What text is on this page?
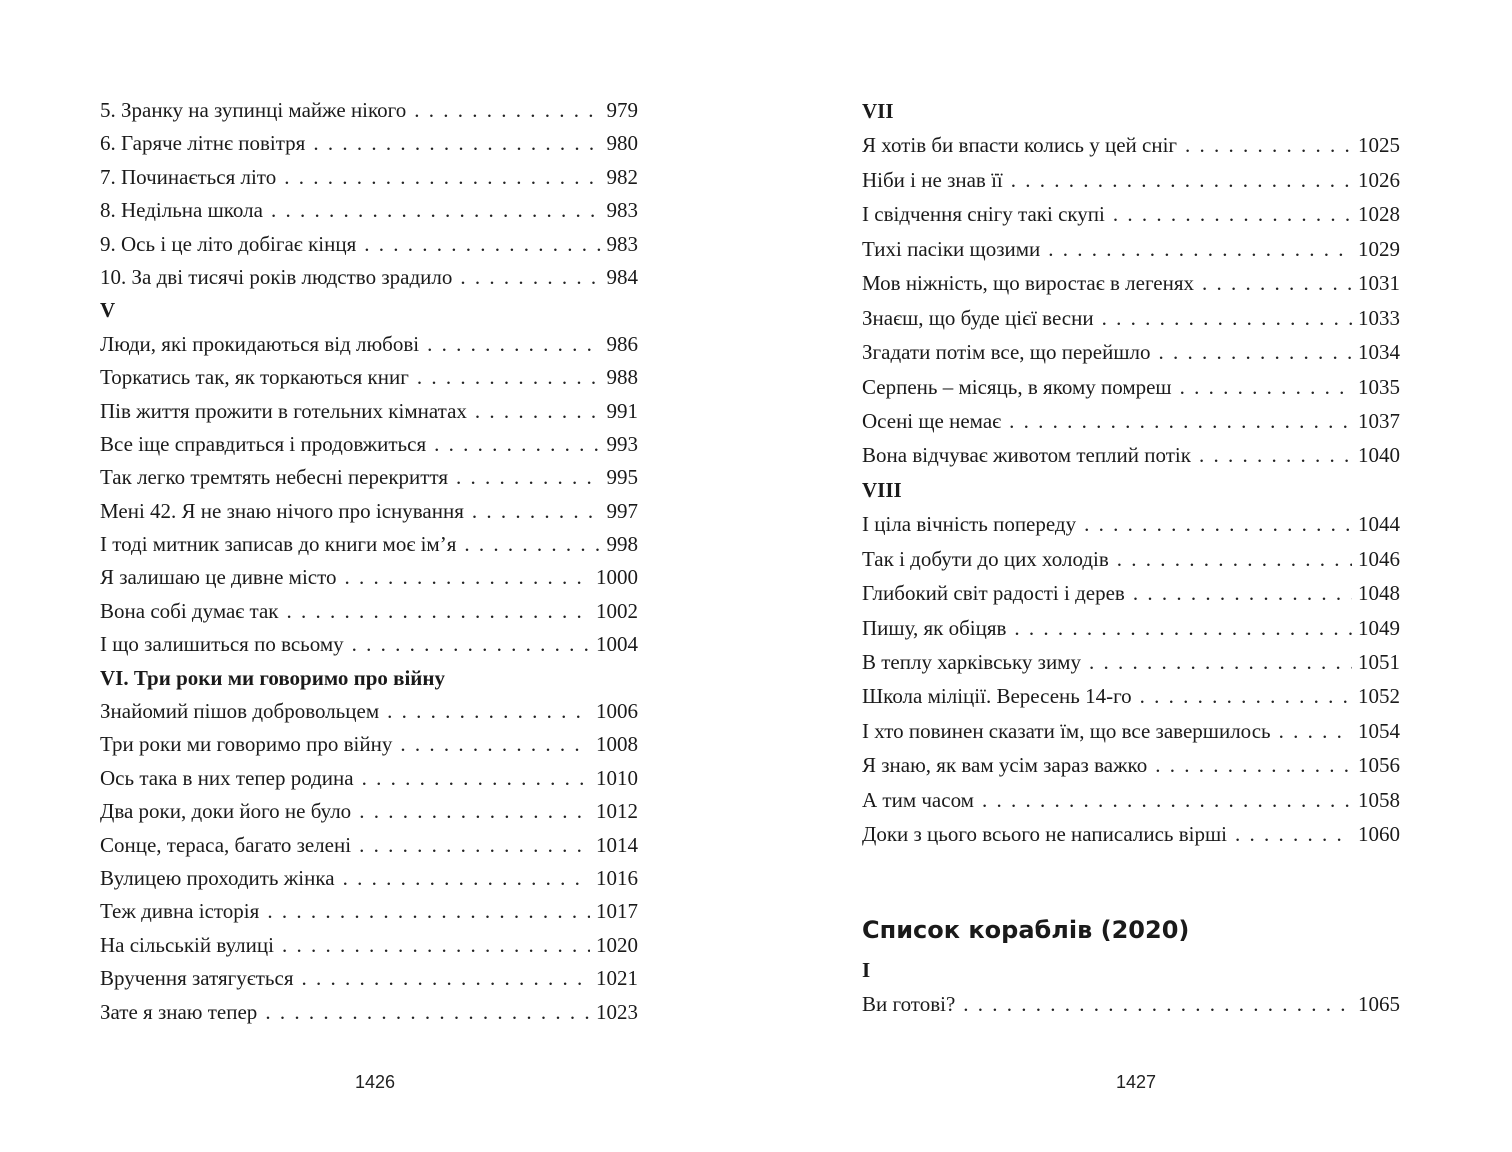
5. Зранку на зупинці майже нікого . . .	979
6. Гаряче літнє повітря . . .	980
7. Починається літо . . .	982
8. Недільна школа . . .	983
9. Ось і це літо добігає кінця . . .	983
10. За дві тисячі років людство зрадило . . .	984
V
Люди, які прокидаються від любові . . .	986
Торкатись так, як торкаються книг . . .	988
Пів життя прожити в готельних кімнатах . . .	991
Все іще справдиться і продовжиться . . .	993
Так легко тремтять небесні перекриття . . .	995
Мені 42. Я не знаю нічого про існування . . .	997
І тоді митник записав до книги моє ім’я . . .	998
Я залишаю це дивне місто . . .	1000
Вона собі думає так . . .	1002
І що залишиться по всьому . . .	1004
VI. Три роки ми говоримо про війну
Знайомий пішов добровольцем . . .	1006
Три роки ми говоримо про війну . . .	1008
Ось така в них тепер родина . . .	1010
Два роки, доки його не було . . .	1012
Сонце, тераса, багато зелені . . .	1014
Вулицею проходить жінка . . .	1016
Теж дивна історія . . .	1017
На сільській вулиці . . .	1020
Вручення затягується . . .	1021
Зате я знаю тепер . . .	1023
1426
VII
Я хотів би впасти колись у цей сніг . . .	1025
Ніби і не знав її . . .	1026
І свідчення снігу такі скупі . . .	1028
Тихі пасіки щозими . . .	1029
Мов ніжність, що виростає в легенях . . .	1031
Знаєш, що буде цієї весни . . .	1033
Згадати потім все, що перейшло . . .	1034
Серпень – місяць, в якому помреш . . .	1035
Осені ще немає . . .	1037
Вона відчуває животом теплий потік . . .	1040
VIII
І ціла вічність попереду . . .	1044
Так і добути до цих холодів . . .	1046
Глибокий світ радості і дерев . . .	1048
Пишу, як обіцяв . . .	1049
В теплу харківську зиму . . .	1051
Школа міліції. Вересень 14-го . . .	1052
І хто повинен сказати їм, що все завершилось . . .	1054
Я знаю, як вам усім зараз важко . . .	1056
А тим часом . . .	1058
Доки з цього всього не написались вірші . . .	1060
Список кораблів (2020)
I
Ви готові? . . .	1065
1427
